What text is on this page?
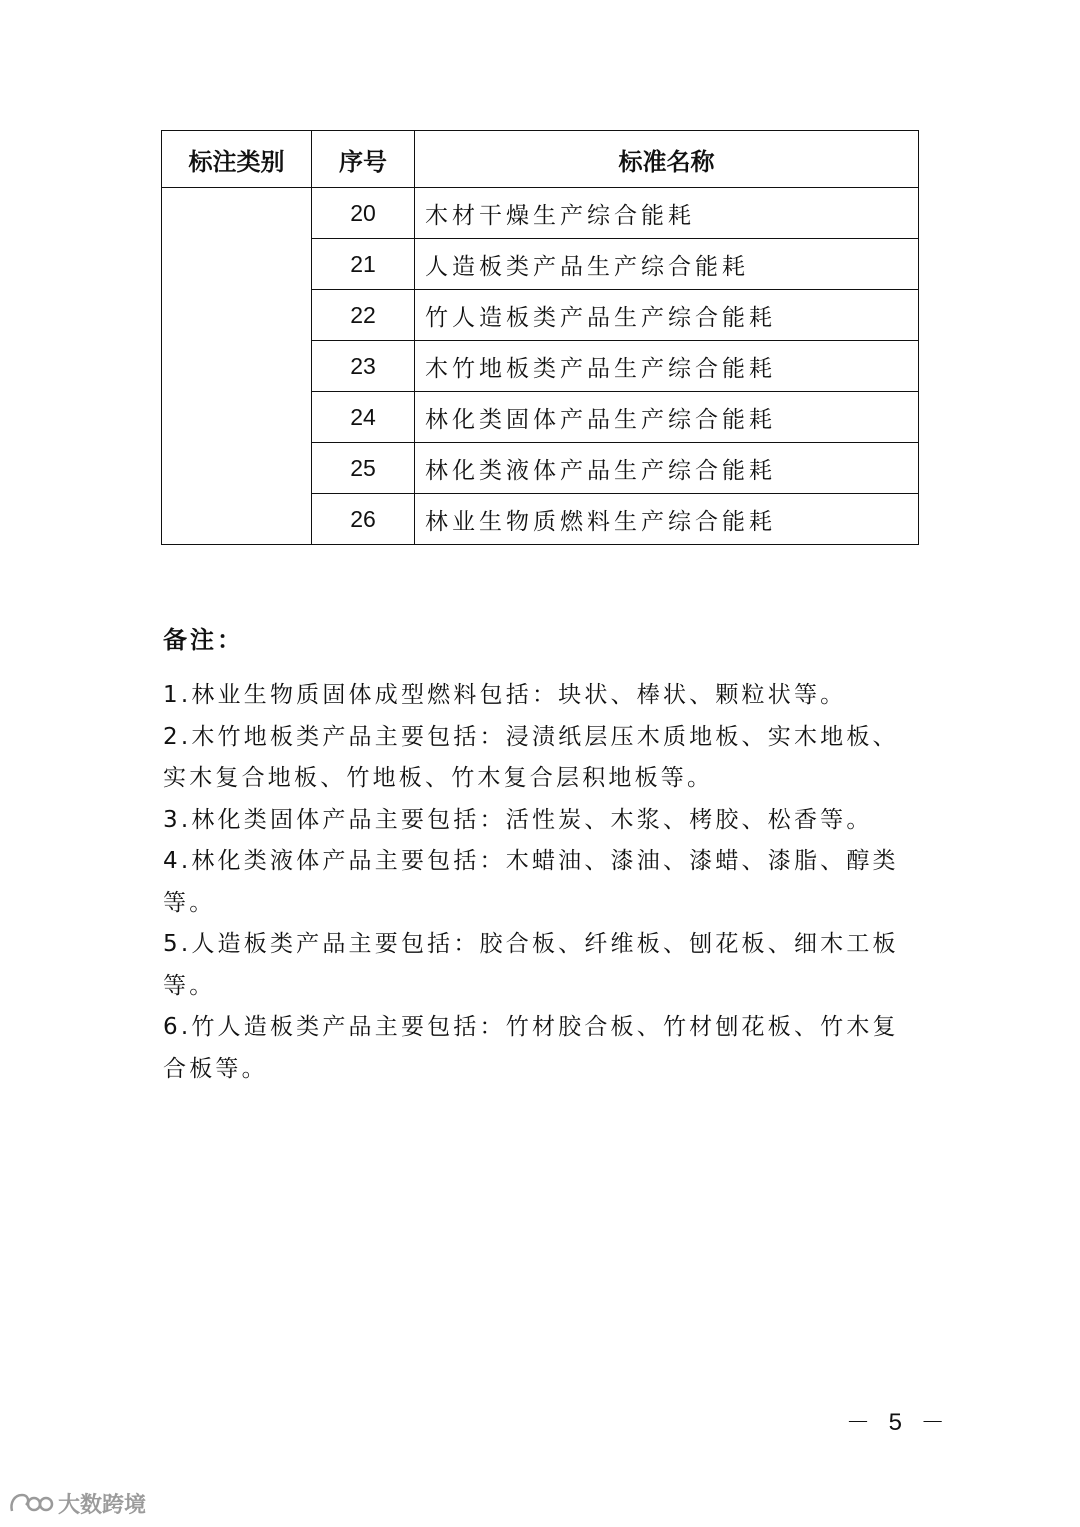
标注类别	序号	标准名称
	20	木材干燥生产综合能耗
	21	人造板类产品生产综合能耗
	22	竹人造板类产品生产综合能耗
	23	木竹地板类产品生产综合能耗
	24	林化类固体产品生产综合能耗
	25	林化类液体产品生产综合能耗
	26	林业生物质燃料生产综合能耗
备注：
1.林业生物质固体成型燃料包括：块状、棒状、颗粒状等。
2.木竹地板类产品主要包括：浸渍纸层压木质地板、实木地板、实木复合地板、竹地板、竹木复合层积地板等。
3.林化类固体产品主要包括：活性炭、木浆、栲胶、松香等。
4.林化类液体产品主要包括：木蜡油、漆油、漆蜡、漆脂、醇类等。
5.人造板类产品主要包括：胶合板、纤维板、刨花板、细木工板等。
6.竹人造板类产品主要包括：竹材胶合板、竹材刨花板、竹木复合板等。
－ 5 －
大数跨境
